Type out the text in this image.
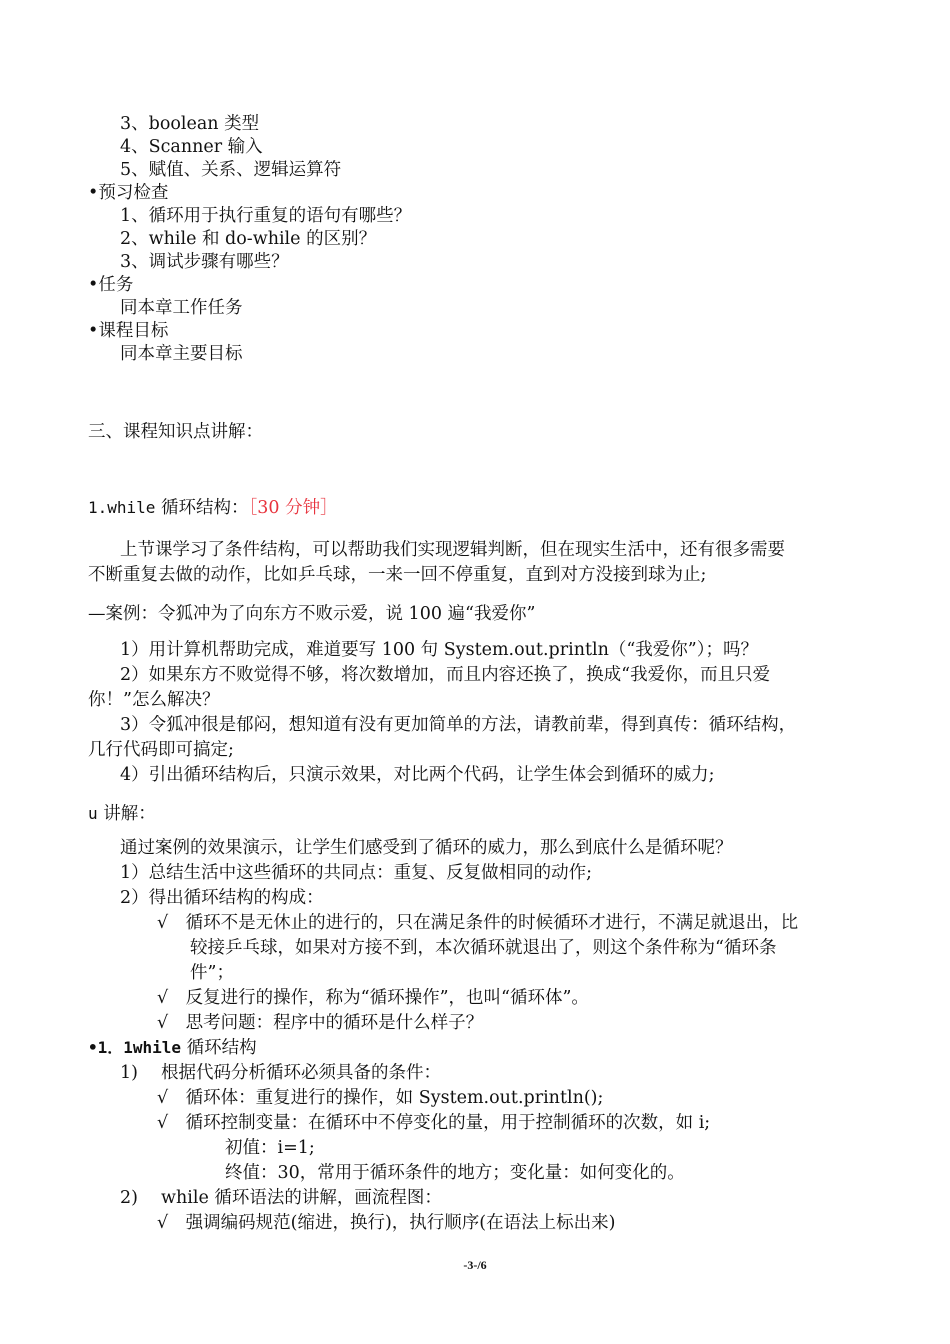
3、boolean 类型
4、Scanner 输入
5、赋值、关系、逻辑运算符
•预习检查
1、循环用于执行重复的语句有哪些？
2、while 和 do-while 的区别？
3、调试步骤有哪些？
•任务
同本章工作任务
•课程目标
同本章主要目标
三、课程知识点讲解：
1.while 循环结构：［30 分钟］
上节课学习了条件结构，可以帮助我们实现逻辑判断，但在现实生活中，还有很多需要
不断重复去做的动作，比如乒乓球，一来一回不停重复，直到对方没接到球为止;
—案例：令狐冲为了向东方不败示爱，说 100 遍“我爱你”
1）用计算机帮助完成，难道要写 100 句 System.out.println（“我爱你”）；吗？
2）如果东方不败觉得不够，将次数增加，而且内容还换了，换成“我爱你，而且只爱
你！”怎么解决？
3）令狐冲很是郁闷，想知道有没有更加简单的方法，请教前辈，得到真传：循环结构，
几行代码即可搞定;
4）引出循环结构后，只演示效果，对比两个代码，让学生体会到循环的威力;
u 讲解：
通过案例的效果演示，让学生们感受到了循环的威力，那么到底什么是循环呢？
1）总结生活中这些循环的共同点：重复、反复做相同的动作;
2）得出循环结构的构成：
√　循环不是无休止的进行的，只在满足条件的时候循环才进行，不满足就退出，比
较接乒乓球，如果对方接不到，本次循环就退出了，则这个条件称为“循环条
件”；
√　反复进行的操作，称为“循环操作”，也叫“循环体”。
√　思考问题：程序中的循环是什么样子？
•1．1while 循环结构
1)　 根据代码分析循环必须具备的条件：
√　循环体：重复进行的操作，如 System.out.println();
√　循环控制变量：在循环中不停变化的量，用于控制循环的次数，如 i;
初值：i=1;
终值：30，常用于循环条件的地方；变化量：如何变化的。
2)　 while 循环语法的讲解，画流程图：
√　强调编码规范(缩进，换行)，执行顺序(在语法上标出来)
-3-/6
